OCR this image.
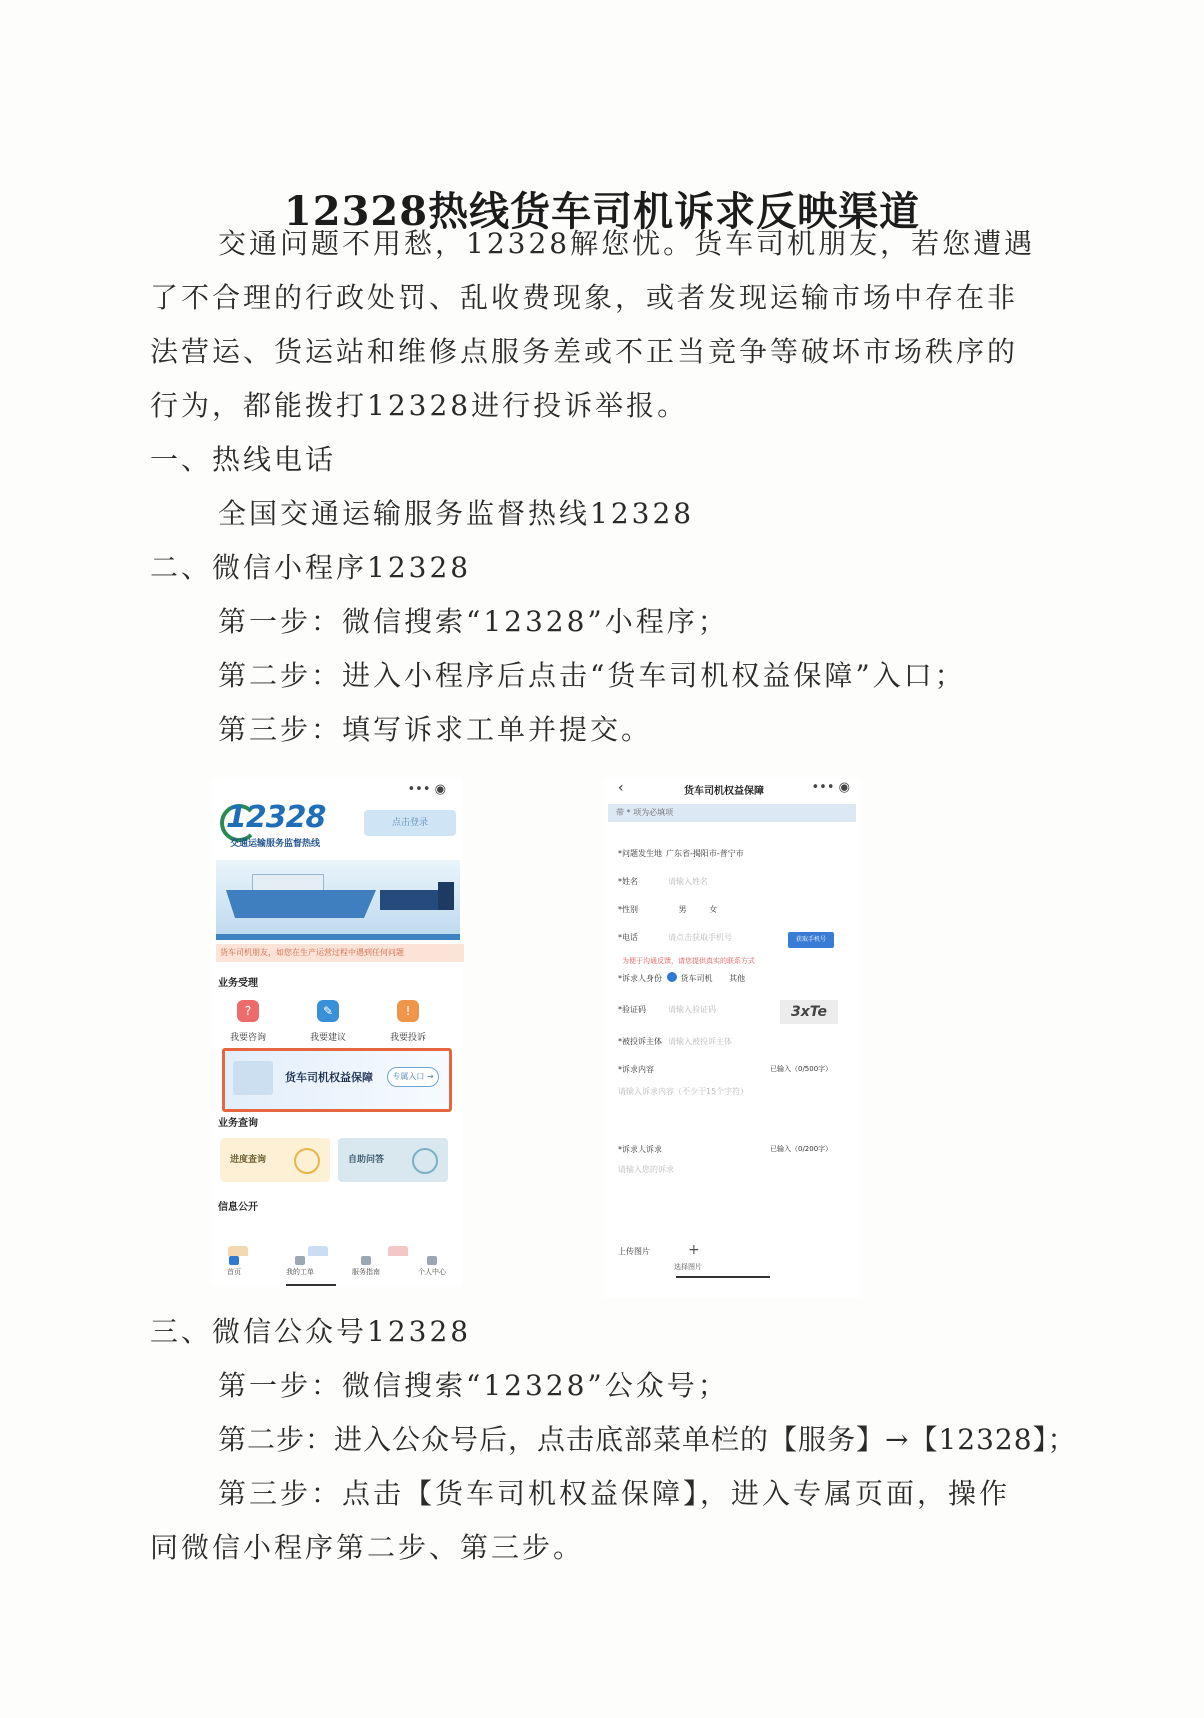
12328热线货车司机诉求反映渠道
交通问题不用愁，12328解您忧。货车司机朋友，若您遭遇
了不合理的行政处罚、乱收费现象，或者发现运输市场中存在非
法营运、货运站和维修点服务差或不正当竞争等破坏市场秩序的
行为，都能拨打12328进行投诉举报。
一、热线电话
全国交通运输服务监督热线12328
二、微信小程序12328
第一步：微信搜索“12328”小程序；
第二步：进入小程序后点击“货车司机权益保障”入口；
第三步：填写诉求工单并提交。
••• ◉
12328
交通运输服务监督热线
点击登录
货车司机朋友，如您在生产运营过程中遇到任何问题
业务受理
?
我要咨询
✎
我要建议
!
我要投诉
货车司机权益保障	专属入口 →
业务查询
进度查询	自助问答
信息公开
首页	我的工单	服务指南	个人中心
‹	货车司机权益保障	••• ◉
带 * 项为必填项
*问题发生地 广东省-揭阳市-普宁市
*姓名	请输入姓名
*性别	男	女
*电话	请点击获取手机号	获取手机号
为便于沟通反馈，请您提供真实的联系方式
*诉求人身份 货车司机 其他
*验证码	请输入验证码	3xTe
*被投诉主体 请输入被投诉主体
*诉求内容	已输入（0/500字）
请输入诉求内容（不少于15个字符）
*诉求人诉求	已输入（0/200字）
请输入您的诉求
上传图片	+
选择图片
三、微信公众号12328
第一步：微信搜索“12328”公众号；
第二步：进入公众号后，点击底部菜单栏的【服务】→【12328】；
第三步：点击【货车司机权益保障】，进入专属页面，操作
同微信小程序第二步、第三步。
